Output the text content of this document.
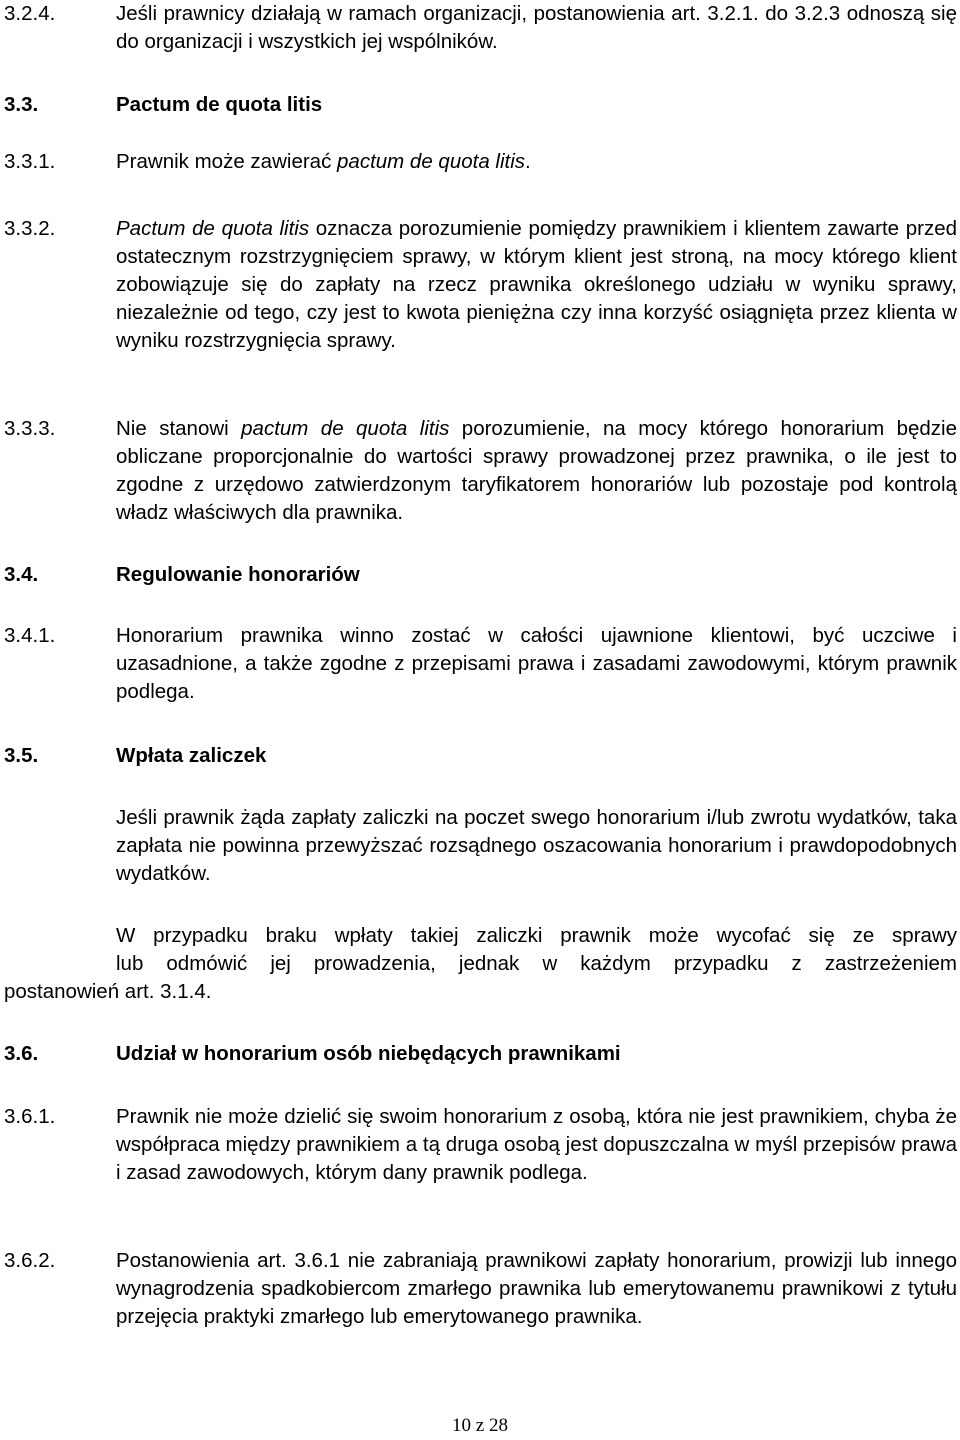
3.2.4.	Jeśli prawnicy działają w ramach organizacji, postanowienia art. 3.2.1. do 3.2.3 odnoszą się do organizacji i wszystkich jej wspólników.
3.3.	Pactum de quota litis
3.3.1.	Prawnik może zawierać pactum de quota litis.
3.3.2.	Pactum de quota litis oznacza porozumienie pomiędzy prawnikiem i klientem zawarte przed ostatecznym rozstrzygnięciem sprawy, w którym klient jest stroną, na mocy którego klient zobowiązuje się do zapłaty na rzecz prawnika określonego udziału w wyniku sprawy, niezależnie od tego, czy jest to kwota pieniężna czy inna korzyść osiągnięta przez klienta w wyniku rozstrzygnięcia sprawy.
3.3.3.	Nie stanowi pactum de quota litis porozumienie, na mocy którego honorarium będzie obliczane proporcjonalnie do wartości sprawy prowadzonej przez prawnika, o ile jest to zgodne z urzędowo zatwierdzonym taryfikatorem honorariów lub pozostaje pod kontrolą władz właściwych dla prawnika.
3.4.	Regulowanie honorariów
3.4.1.	Honorarium prawnika winno zostać w całości ujawnione klientowi, być uczciwe i uzasadnione, a także zgodne z przepisami prawa i zasadami zawodowymi, którym prawnik podlega.
3.5.	Wpłata zaliczek
Jeśli prawnik żąda zapłaty zaliczki na poczet swego honorarium i/lub zwrotu wydatków, taka zapłata nie powinna przewyższać rozsądnego oszacowania honorarium i prawdopodobnych wydatków.
W przypadku braku wpłaty takiej zaliczki prawnik może wycofać się ze sprawy
lub odmówić jej prowadzenia, jednak w każdym przypadku z zastrzeżeniem
postanowień art. 3.1.4.
3.6.	Udział w honorarium osób niebędących prawnikami
3.6.1.	Prawnik nie może dzielić się swoim honorarium z osobą, która nie jest prawnikiem, chyba że współpraca między prawnikiem a tą druga osobą jest dopuszczalna w myśl przepisów prawa i zasad zawodowych, którym dany prawnik podlega.
3.6.2.	Postanowienia art. 3.6.1 nie zabraniają prawnikowi zapłaty honorarium, prowizji lub innego wynagrodzenia spadkobiercom zmarłego prawnika lub emerytowanemu prawnikowi z tytułu przejęcia praktyki zmarłego lub emerytowanego prawnika.
10 z 28
